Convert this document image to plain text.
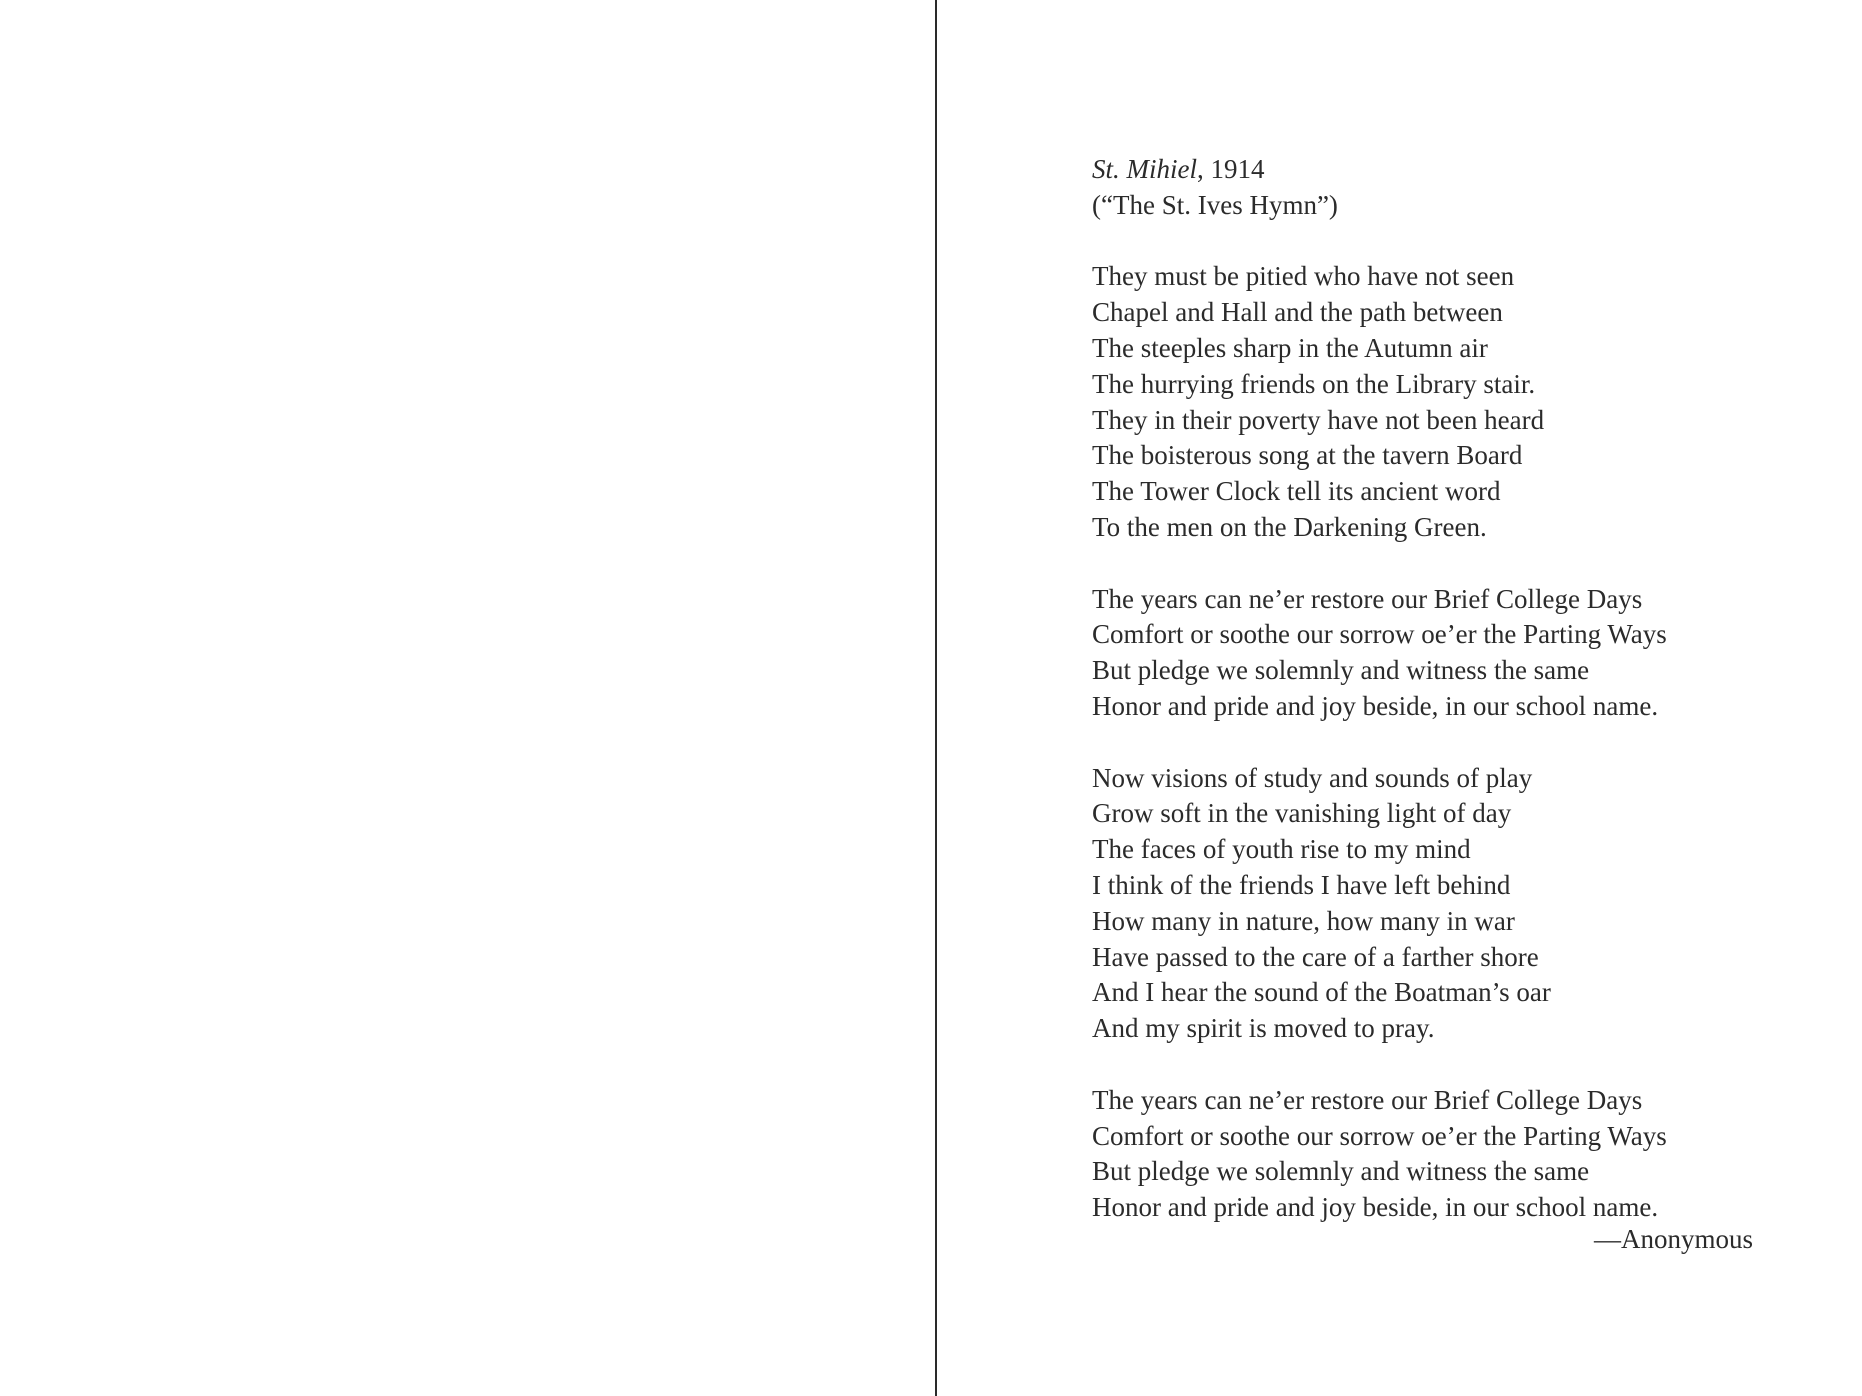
St. Mihiel, 1914
(“The St. Ives Hymn”)
They must be pitied who have not seen
Chapel and Hall and the path between
The steeples sharp in the Autumn air
The hurrying friends on the Library stair.
They in their poverty have not been heard
The boisterous song at the tavern Board
The Tower Clock tell its ancient word
To the men on the Darkening Green.
The years can ne’er restore our Brief College Days
Comfort or soothe our sorrow oe’er the Parting Ways
But pledge we solemnly and witness the same
Honor and pride and joy beside, in our school name.
Now visions of study and sounds of play
Grow soft in the vanishing light of day
The faces of youth rise to my mind
I think of the friends I have left behind
How many in nature, how many in war
Have passed to the care of a farther shore
And I hear the sound of the Boatman’s oar
And my spirit is moved to pray.
The years can ne’er restore our Brief College Days
Comfort or soothe our sorrow oe’er the Parting Ways
But pledge we solemnly and witness the same
Honor and pride and joy beside, in our school name.
—Anonymous
